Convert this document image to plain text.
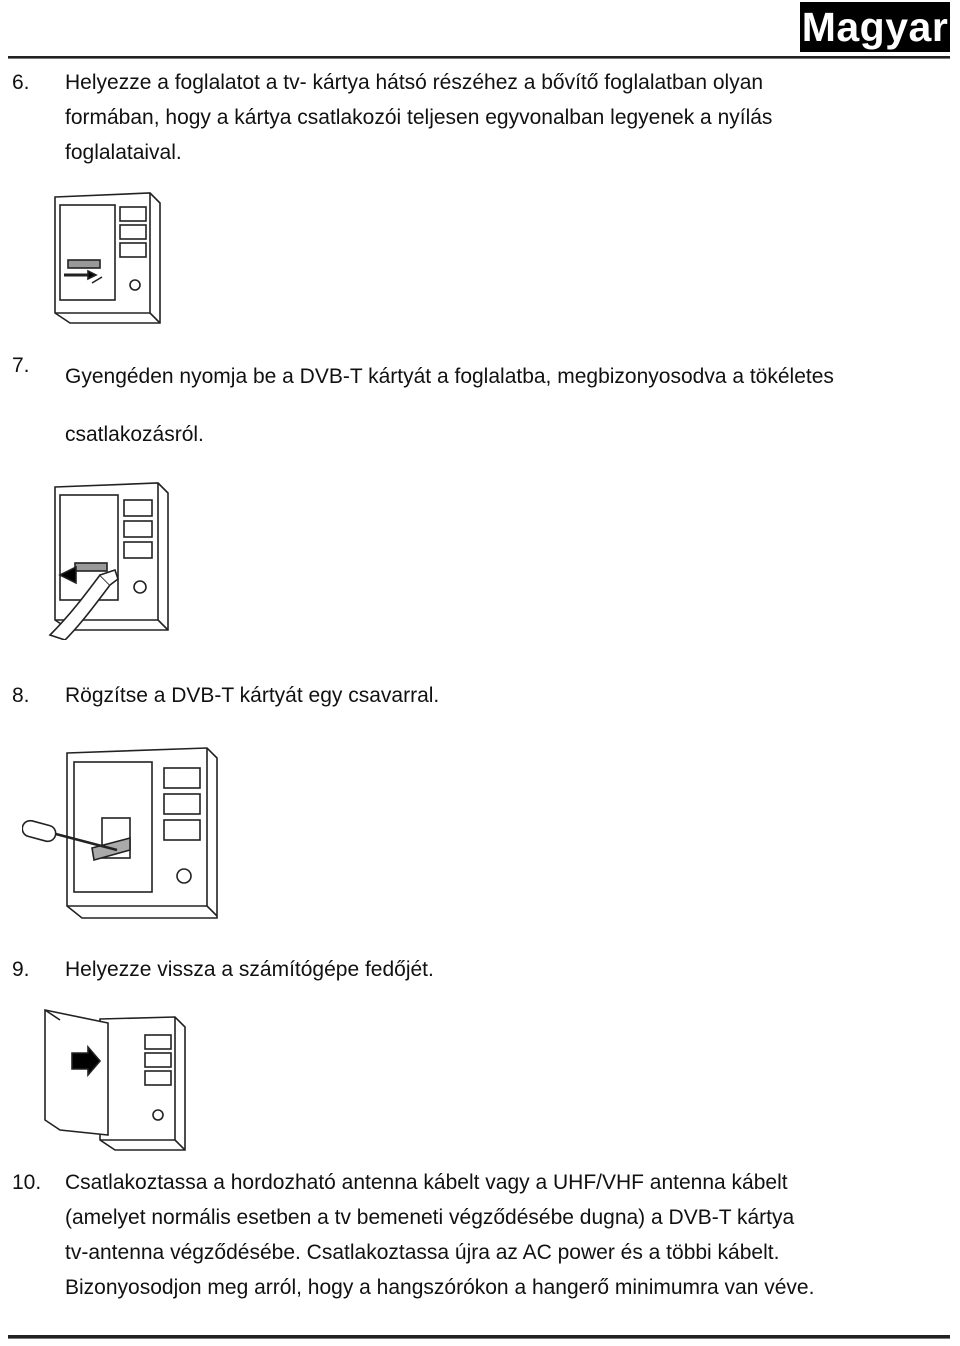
Magyar
6. Helyezze a foglalatot a tv- kártya hátsó részéhez a bővítő foglalatban olyan
formában, hogy a kártya csatlakozói teljesen egyvonalban legyenek a nyílás
foglalataival.
7. Gyengéden nyomja be a DVB-T kártyát a foglalatba, megbizonyosodva a tökéletes
csatlakozásról.
8. Rögzítse a DVB-T kártyát egy csavarral.
9. Helyezze vissza a számítógépe fedőjét.
10. Csatlakoztassa a hordozható antenna kábelt vagy a UHF/VHF antenna kábelt
(amelyet normális esetben a tv bemeneti végződésébe dugna) a DVB-T kártya
tv-antenna végződésébe. Csatlakoztassa újra az AC power és a többi kábelt.
Bizonyosodjon meg arról, hogy a hangszórókon a hangerő minimumra van véve.
